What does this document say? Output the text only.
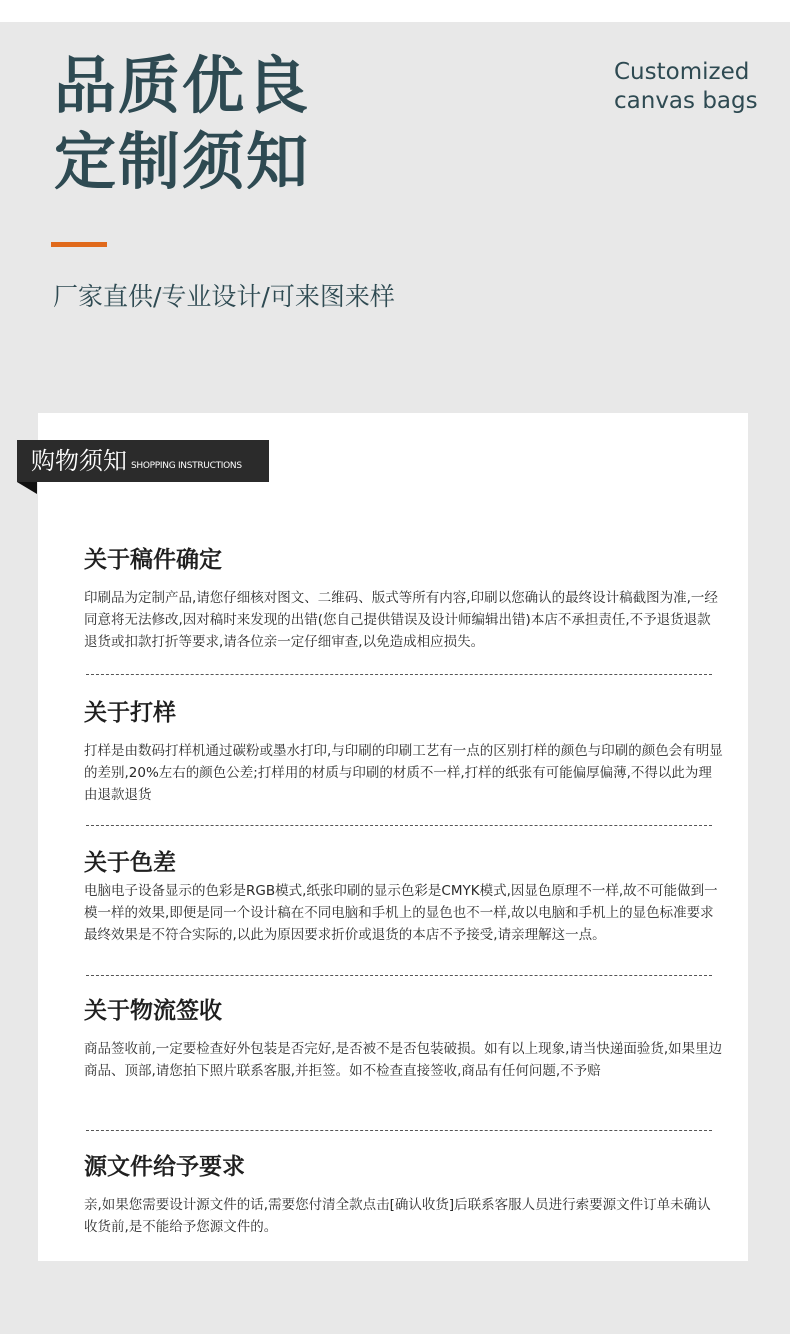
品质优良
定制须知
Customized
canvas bags
厂家直供/专业设计/可来图来样
购物须知 SHOPPING INSTRUCTIONS
关于稿件确定

印刷品为定制产品,请您仔细核对图文、二维码、版式等所有内容,印刷以您确认的最终设计稿截图为准,一经同意将无法修改,因对稿时来发现的出错(您自己提供错误及设计师编辑出错)本店不承担责任,不予退货退款退货或扣款打折等要求,请各位亲一定仔细审查,以免造成相应损失。

关于打样

打样是由数码打样机通过碳粉或墨水打印,与印刷的印刷工艺有一点的区别打样的颜色与印刷的颜色会有明显的差别,20%左右的颜色公差;打样用的材质与印刷的材质不一样,打样的纸张有可能偏厚偏薄,不得以此为理由退款退货

关于色差

电脑电子设备显示的色彩是RGB模式,纸张印刷的显示色彩是CMYK模式,因显色原理不一样,故不可能做到一模一样的效果,即便是同一个设计稿在不同电脑和手机上的显色也不一样,故以电脑和手机上的显色标准要求最终效果是不符合实际的,以此为原因要求折价或退货的本店不予接受,请亲理解这一点。

关于物流签收

商品签收前,一定要检查好外包装是否完好,是否被不是否包装破损。如有以上现象,请当快递面验货,如果里边商品、顶部,请您拍下照片联系客服,并拒签。如不检查直接签收,商品有任何问题,不予赔

源文件给予要求

亲,如果您需要设计源文件的话,需要您付清全款点击[确认收货]后联系客服人员进行索要源文件订单未确认收货前,是不能给予您源文件的。
